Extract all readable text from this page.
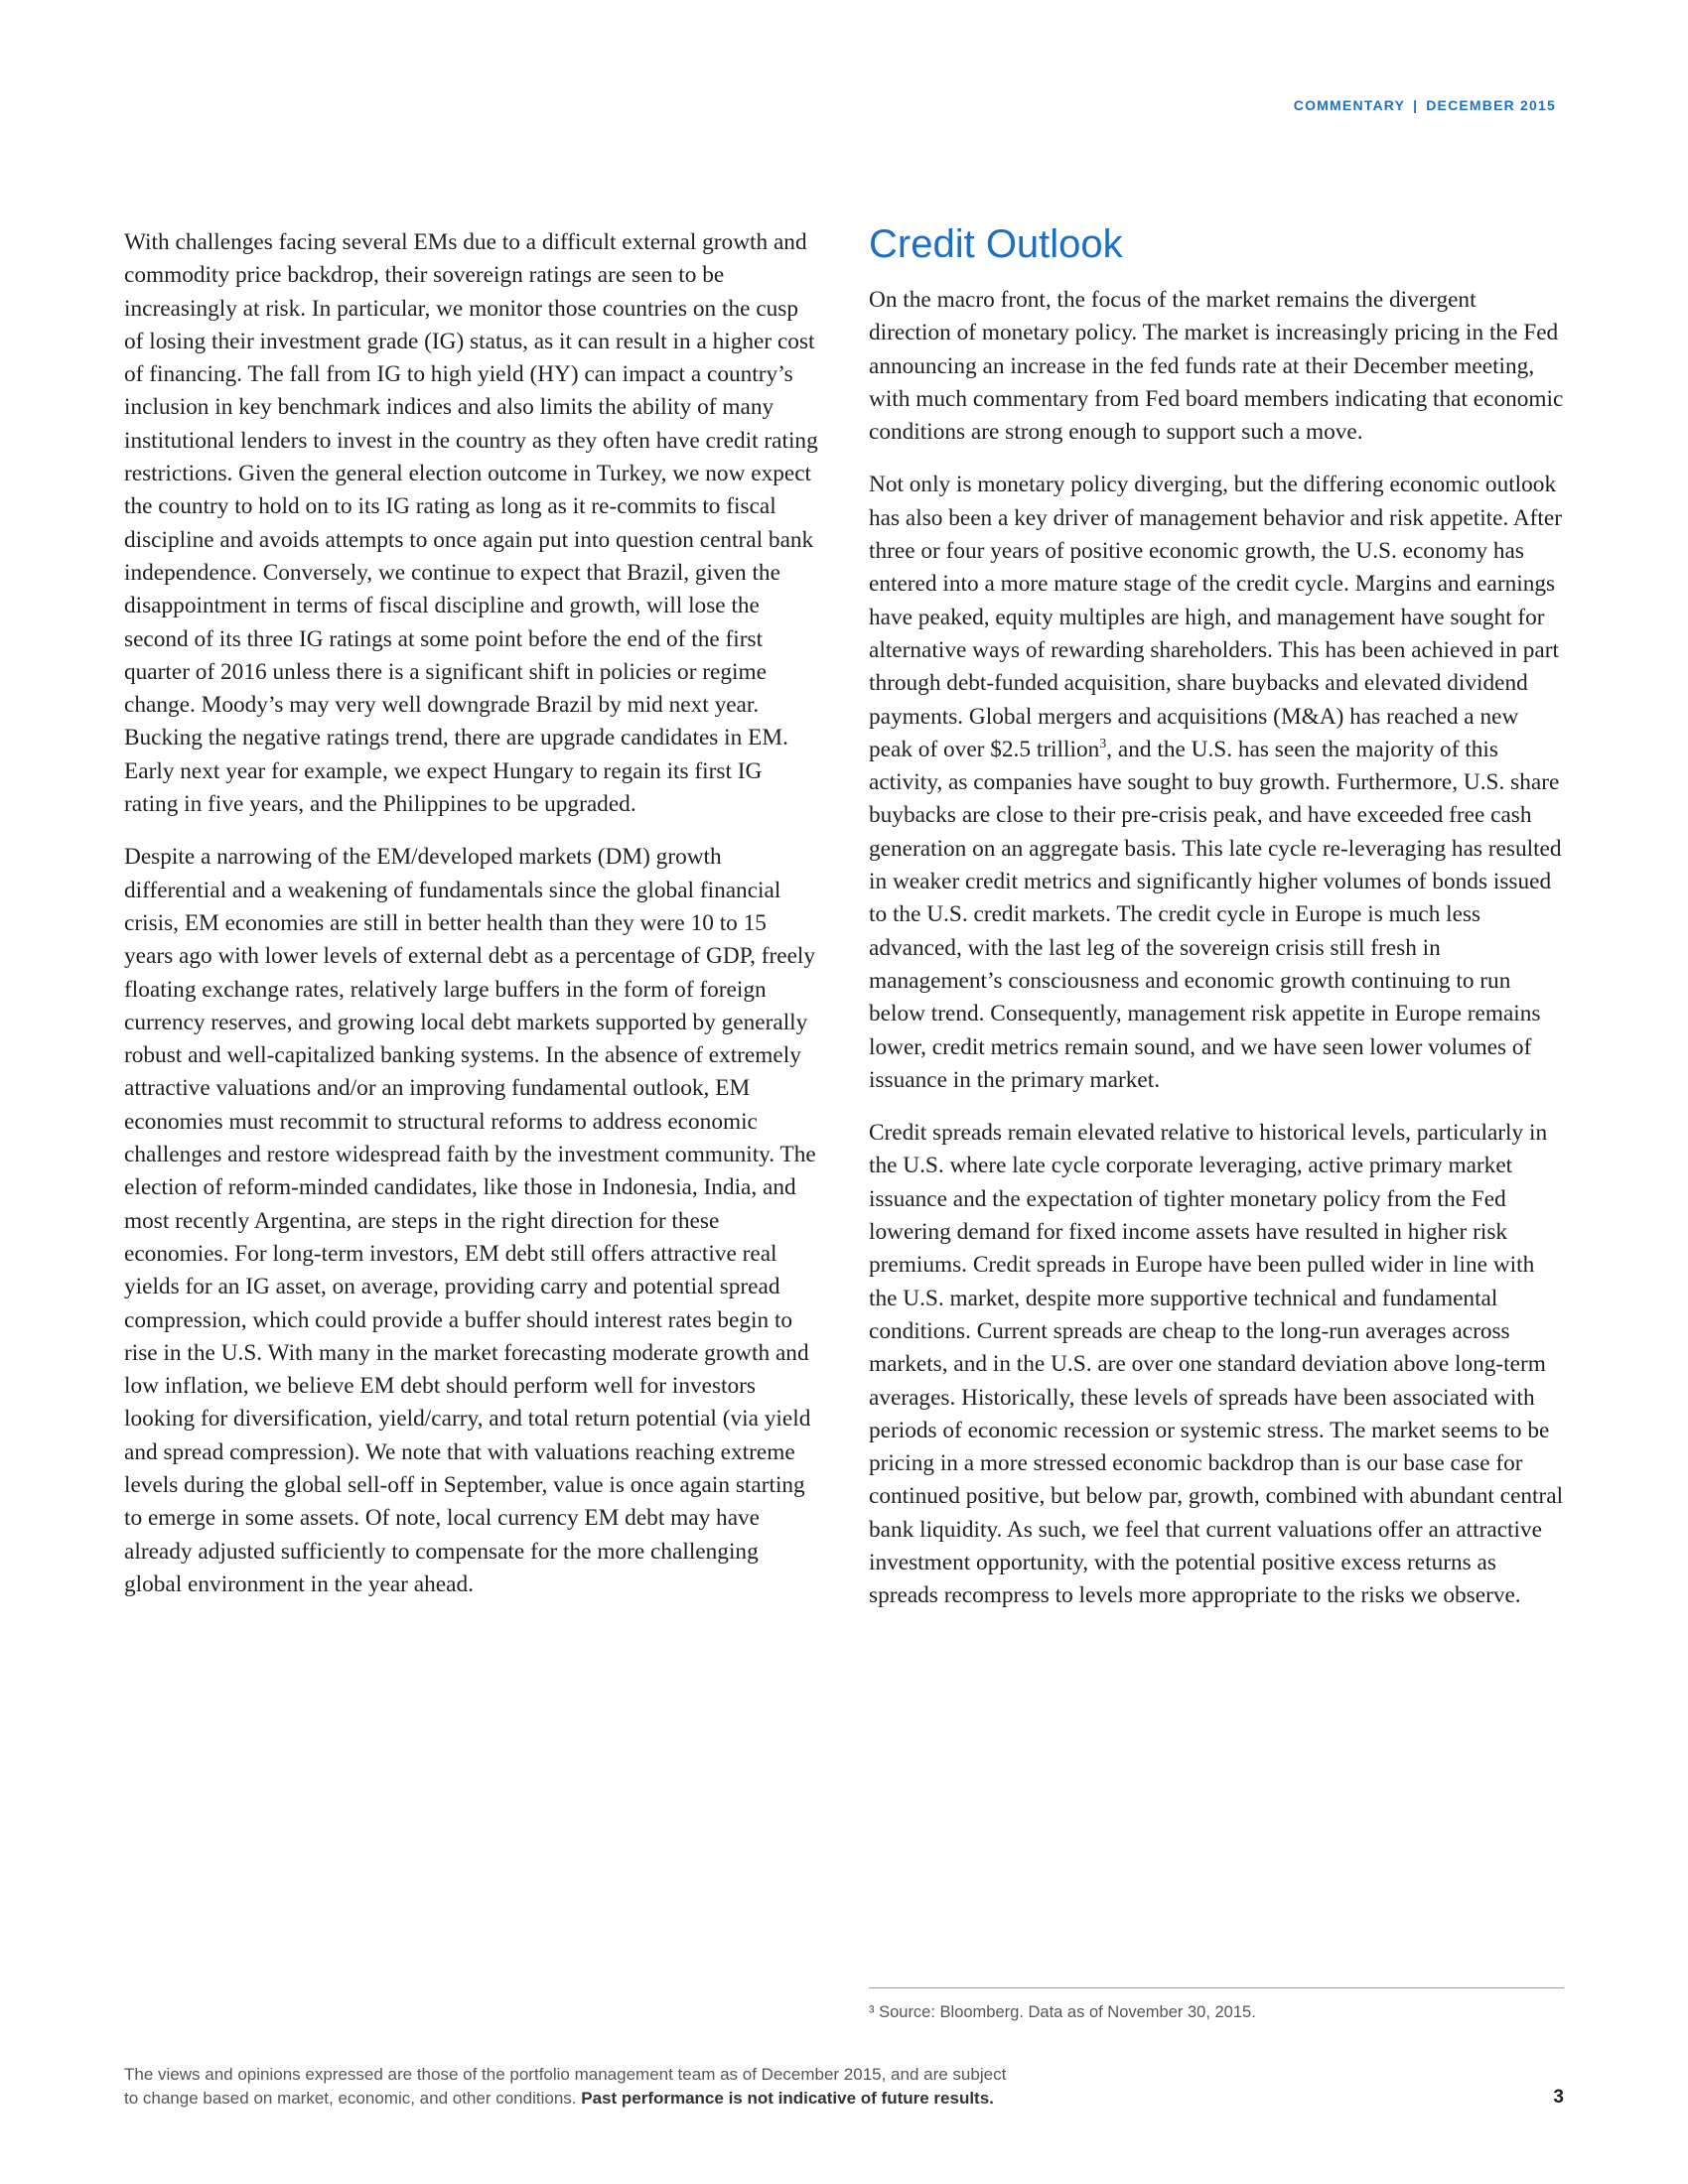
COMMENTARY | DECEMBER 2015

With challenges facing several EMs due to a difficult external growth and commodity price backdrop, their sovereign ratings are seen to be increasingly at risk. In particular, we monitor those countries on the cusp of losing their investment grade (IG) status, as it can result in a higher cost of financing. The fall from IG to high yield (HY) can impact a country’s inclusion in key benchmark indices and also limits the ability of many institutional lenders to invest in the country as they often have credit rating restrictions. Given the general election outcome in Turkey, we now expect the country to hold on to its IG rating as long as it re-commits to fiscal discipline and avoids attempts to once again put into question central bank independence. Conversely, we continue to expect that Brazil, given the disappointment in terms of fiscal discipline and growth, will lose the second of its three IG ratings at some point before the end of the first quarter of 2016 unless there is a significant shift in policies or regime change. Moody’s may very well downgrade Brazil by mid next year. Bucking the negative ratings trend, there are upgrade candidates in EM. Early next year for example, we expect Hungary to regain its first IG rating in five years, and the Philippines to be upgraded.

Despite a narrowing of the EM/developed markets (DM) growth differential and a weakening of fundamentals since the global financial crisis, EM economies are still in better health than they were 10 to 15 years ago with lower levels of external debt as a percentage of GDP, freely floating exchange rates, relatively large buffers in the form of foreign currency reserves, and growing local debt markets supported by generally robust and well-capitalized banking systems. In the absence of extremely attractive valuations and/or an improving fundamental outlook, EM economies must recommit to structural reforms to address economic challenges and restore widespread faith by the investment community. The election of reform-minded candidates, like those in Indonesia, India, and most recently Argentina, are steps in the right direction for these economies. For long-term investors, EM debt still offers attractive real yields for an IG asset, on average, providing carry and potential spread compression, which could provide a buffer should interest rates begin to rise in the U.S. With many in the market forecasting moderate growth and low inflation, we believe EM debt should perform well for investors looking for diversification, yield/carry, and total return potential (via yield and spread compression). We note that with valuations reaching extreme levels during the global sell-off in September, value is once again starting to emerge in some assets. Of note, local currency EM debt may have already adjusted sufficiently to compensate for the more challenging global environment in the year ahead.

Credit Outlook

On the macro front, the focus of the market remains the divergent direction of monetary policy. The market is increasingly pricing in the Fed announcing an increase in the fed funds rate at their December meeting, with much commentary from Fed board members indicating that economic conditions are strong enough to support such a move.

Not only is monetary policy diverging, but the differing economic outlook has also been a key driver of management behavior and risk appetite. After three or four years of positive economic growth, the U.S. economy has entered into a more mature stage of the credit cycle. Margins and earnings have peaked, equity multiples are high, and management have sought for alternative ways of rewarding shareholders. This has been achieved in part through debt-funded acquisition, share buybacks and elevated dividend payments. Global mergers and acquisitions (M&A) has reached a new peak of over $2.5 trillion$^3$, and the U.S. has seen the majority of this activity, as companies have sought to buy growth. Furthermore, U.S. share buybacks are close to their pre-crisis peak, and have exceeded free cash generation on an aggregate basis. This late cycle re-leveraging has resulted in weaker credit metrics and significantly higher volumes of bonds issued to the U.S. credit markets. The credit cycle in Europe is much less advanced, with the last leg of the sovereign crisis still fresh in management’s consciousness and economic growth continuing to run below trend. Consequently, management risk appetite in Europe remains lower, credit metrics remain sound, and we have seen lower volumes of issuance in the primary market.

Credit spreads remain elevated relative to historical levels, particularly in the U.S. where late cycle corporate leveraging, active primary market issuance and the expectation of tighter monetary policy from the Fed lowering demand for fixed income assets have resulted in higher risk premiums. Credit spreads in Europe have been pulled wider in line with the U.S. market, despite more supportive technical and fundamental conditions. Current spreads are cheap to the long-run averages across markets, and in the U.S. are over one standard deviation above long-term averages. Historically, these levels of spreads have been associated with periods of economic recession or systemic stress. The market seems to be pricing in a more stressed economic backdrop than is our base case for continued positive, but below par, growth, combined with abundant central bank liquidity. As such, we feel that current valuations offer an attractive investment opportunity, with the potential positive excess returns as spreads recompress to levels more appropriate to the risks we observe.

³ Source: Bloomberg. Data as of November 30, 2015.
The views and opinions expressed are those of the portfolio management team as of December 2015, and are subject
to change based on market, economic, and other conditions. Past performance is not indicative of future results.	3
